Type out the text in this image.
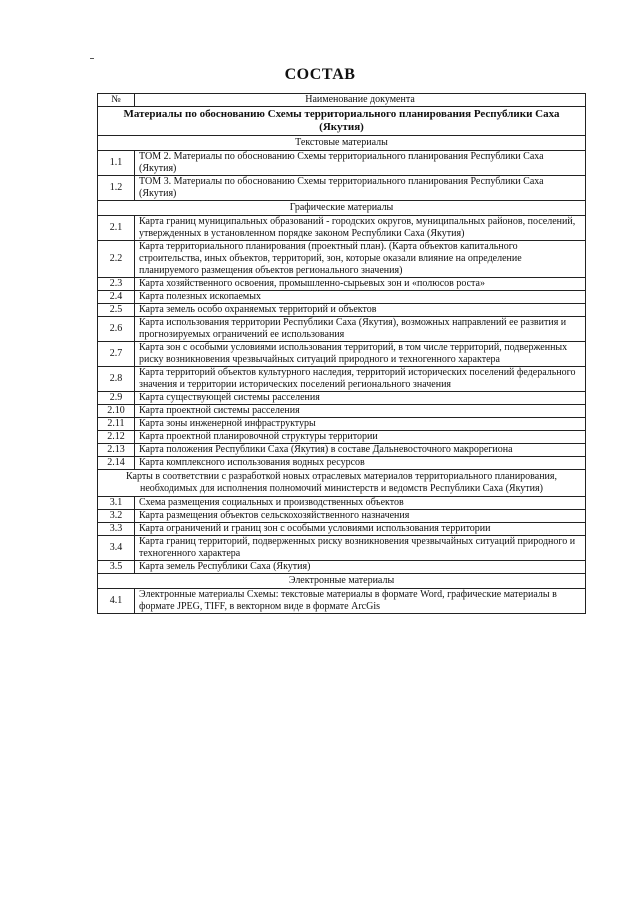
СОСТАВ
№	Наименование документа
Материалы по обоснованию Схемы территориального планирования Республики Саха (Якутия)	
Текстовые материалы	
1.1	ТОМ 2. Материалы по обоснованию Схемы территориального планирования Республики Саха (Якутия)
1.2	ТОМ 3. Материалы по обоснованию Схемы территориального планирования Республики Саха (Якутия)
Графические материалы	
2.1	Карта границ муниципальных образований - городских округов, муниципальных районов, поселений, утвержденных в установленном порядке законом Республики Саха (Якутия)
2.2	Карта территориального планирования (проектный план). (Карта объектов капитального строительства, иных объектов, территорий, зон, которые оказали влияние на определение планируемого размещения объектов регионального значения)
2.3	Карта хозяйственного освоения, промышленно-сырьевых зон и «полюсов роста»
2.4	Карта полезных ископаемых
2.5	Карта земель особо охраняемых территорий и объектов
2.6	Карта использования территории Республики Саха (Якутия), возможных направлений ее развития и прогнозируемых ограничений ее использования
2.7	Карта зон с особыми условиями использования территорий, в том числе территорий, подверженных риску возникновения чрезвычайных ситуаций природного и техногенного характера
2.8	Карта территорий объектов культурного наследия, территорий исторических поселений федерального значения и территории исторических поселений регионального значения
2.9	Карта существующей системы расселения
2.10	Карта проектной системы расселения
2.11	Карта зоны инженерной инфраструктуры
2.12	Карта проектной планировочной структуры территории
2.13	Карта положения Республики Саха (Якутия) в составе Дальневосточного макрорегиона
2.14	Карта комплексного использования водных ресурсов
Карты в соответствии с разработкой новых отраслевых материалов территориального планирования, необходимых для исполнения полномочий министерств и ведомств Республики Саха (Якутия)	
3.1	Схема размещения социальных и производственных объектов
3.2	Карта размещения объектов сельскохозяйственного назначения
3.3	Карта ограничений и границ зон с особыми условиями использования территории
3.4	Карта границ территорий, подверженных риску возникновения чрезвычайных ситуаций природного и техногенного характера
3.5	Карта земель Республики Саха (Якутия)
Электронные материалы	
4.1	Электронные материалы Схемы: текстовые материалы в формате Word, графические материалы в формате JPEG, TIFF, в векторном виде в формате ArcGis
